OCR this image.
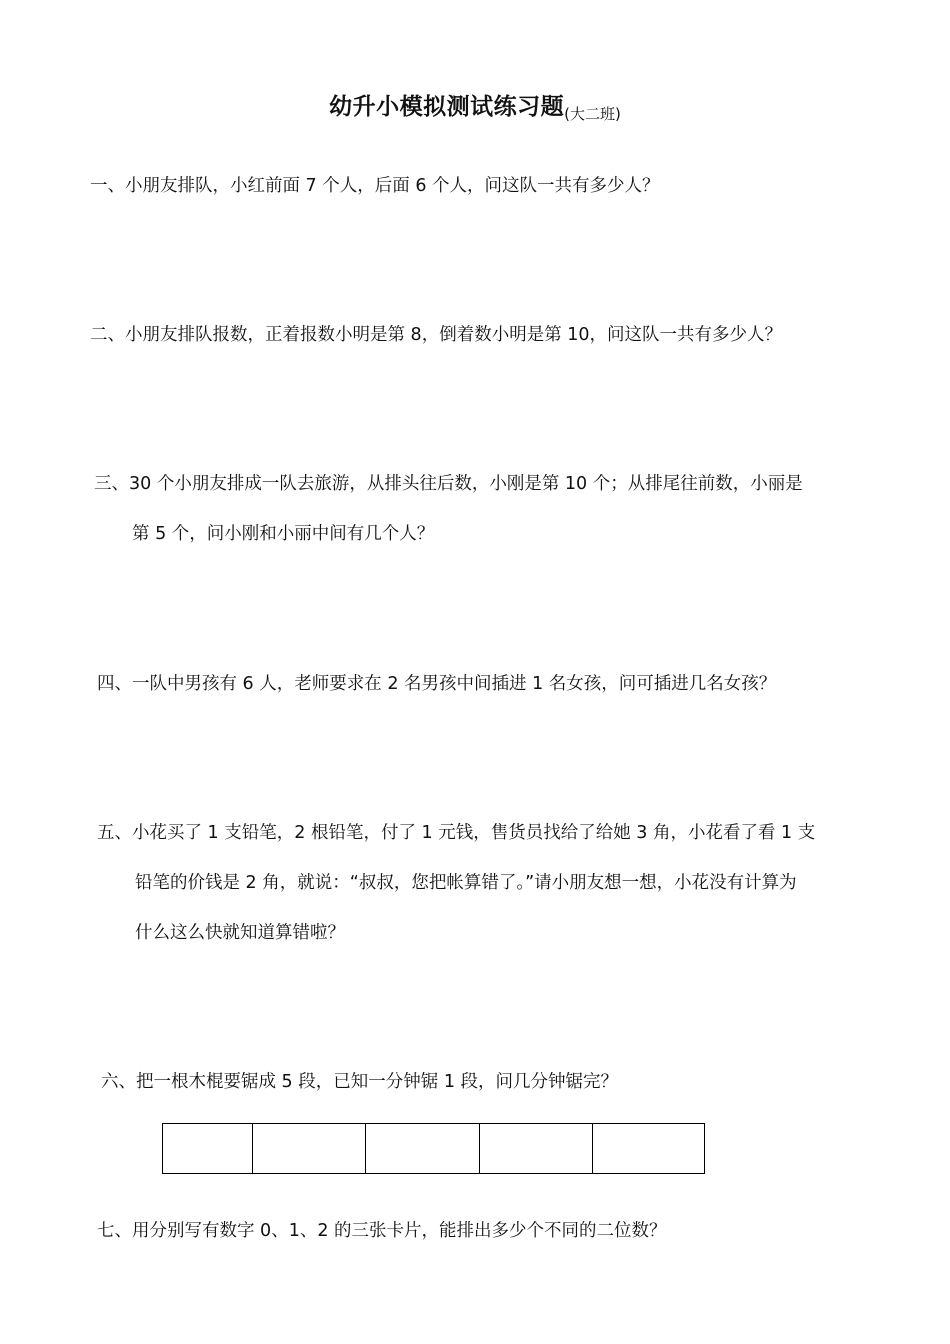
幼升小模拟测试练习题(大二班)
一、小朋友排队，小红前面 7 个人，后面 6 个人，问这队一共有多少人？
二、小朋友排队报数，正着报数小明是第 8，倒着数小明是第 10，问这队一共有多少人？
三、30 个小朋友排成一队去旅游，从排头往后数，小刚是第 10 个；从排尾往前数，小丽是
第 5 个，问小刚和小丽中间有几个人？
四、一队中男孩有 6 人，老师要求在 2 名男孩中间插进 1 名女孩，问可插进几名女孩？
五、小花买了 1 支铅笔，2 根铅笔，付了 1 元钱，售货员找给了给她 3 角，小花看了看 1 支
铅笔的价钱是 2 角，就说：“叔叔，您把帐算错了。”请小朋友想一想，小花没有计算为
什么这么快就知道算错啦？
六、把一根木棍要锯成 5 段，已知一分钟锯 1 段，问几分钟锯完？
七、用分别写有数字 0、1、2 的三张卡片，能排出多少个不同的二位数？
